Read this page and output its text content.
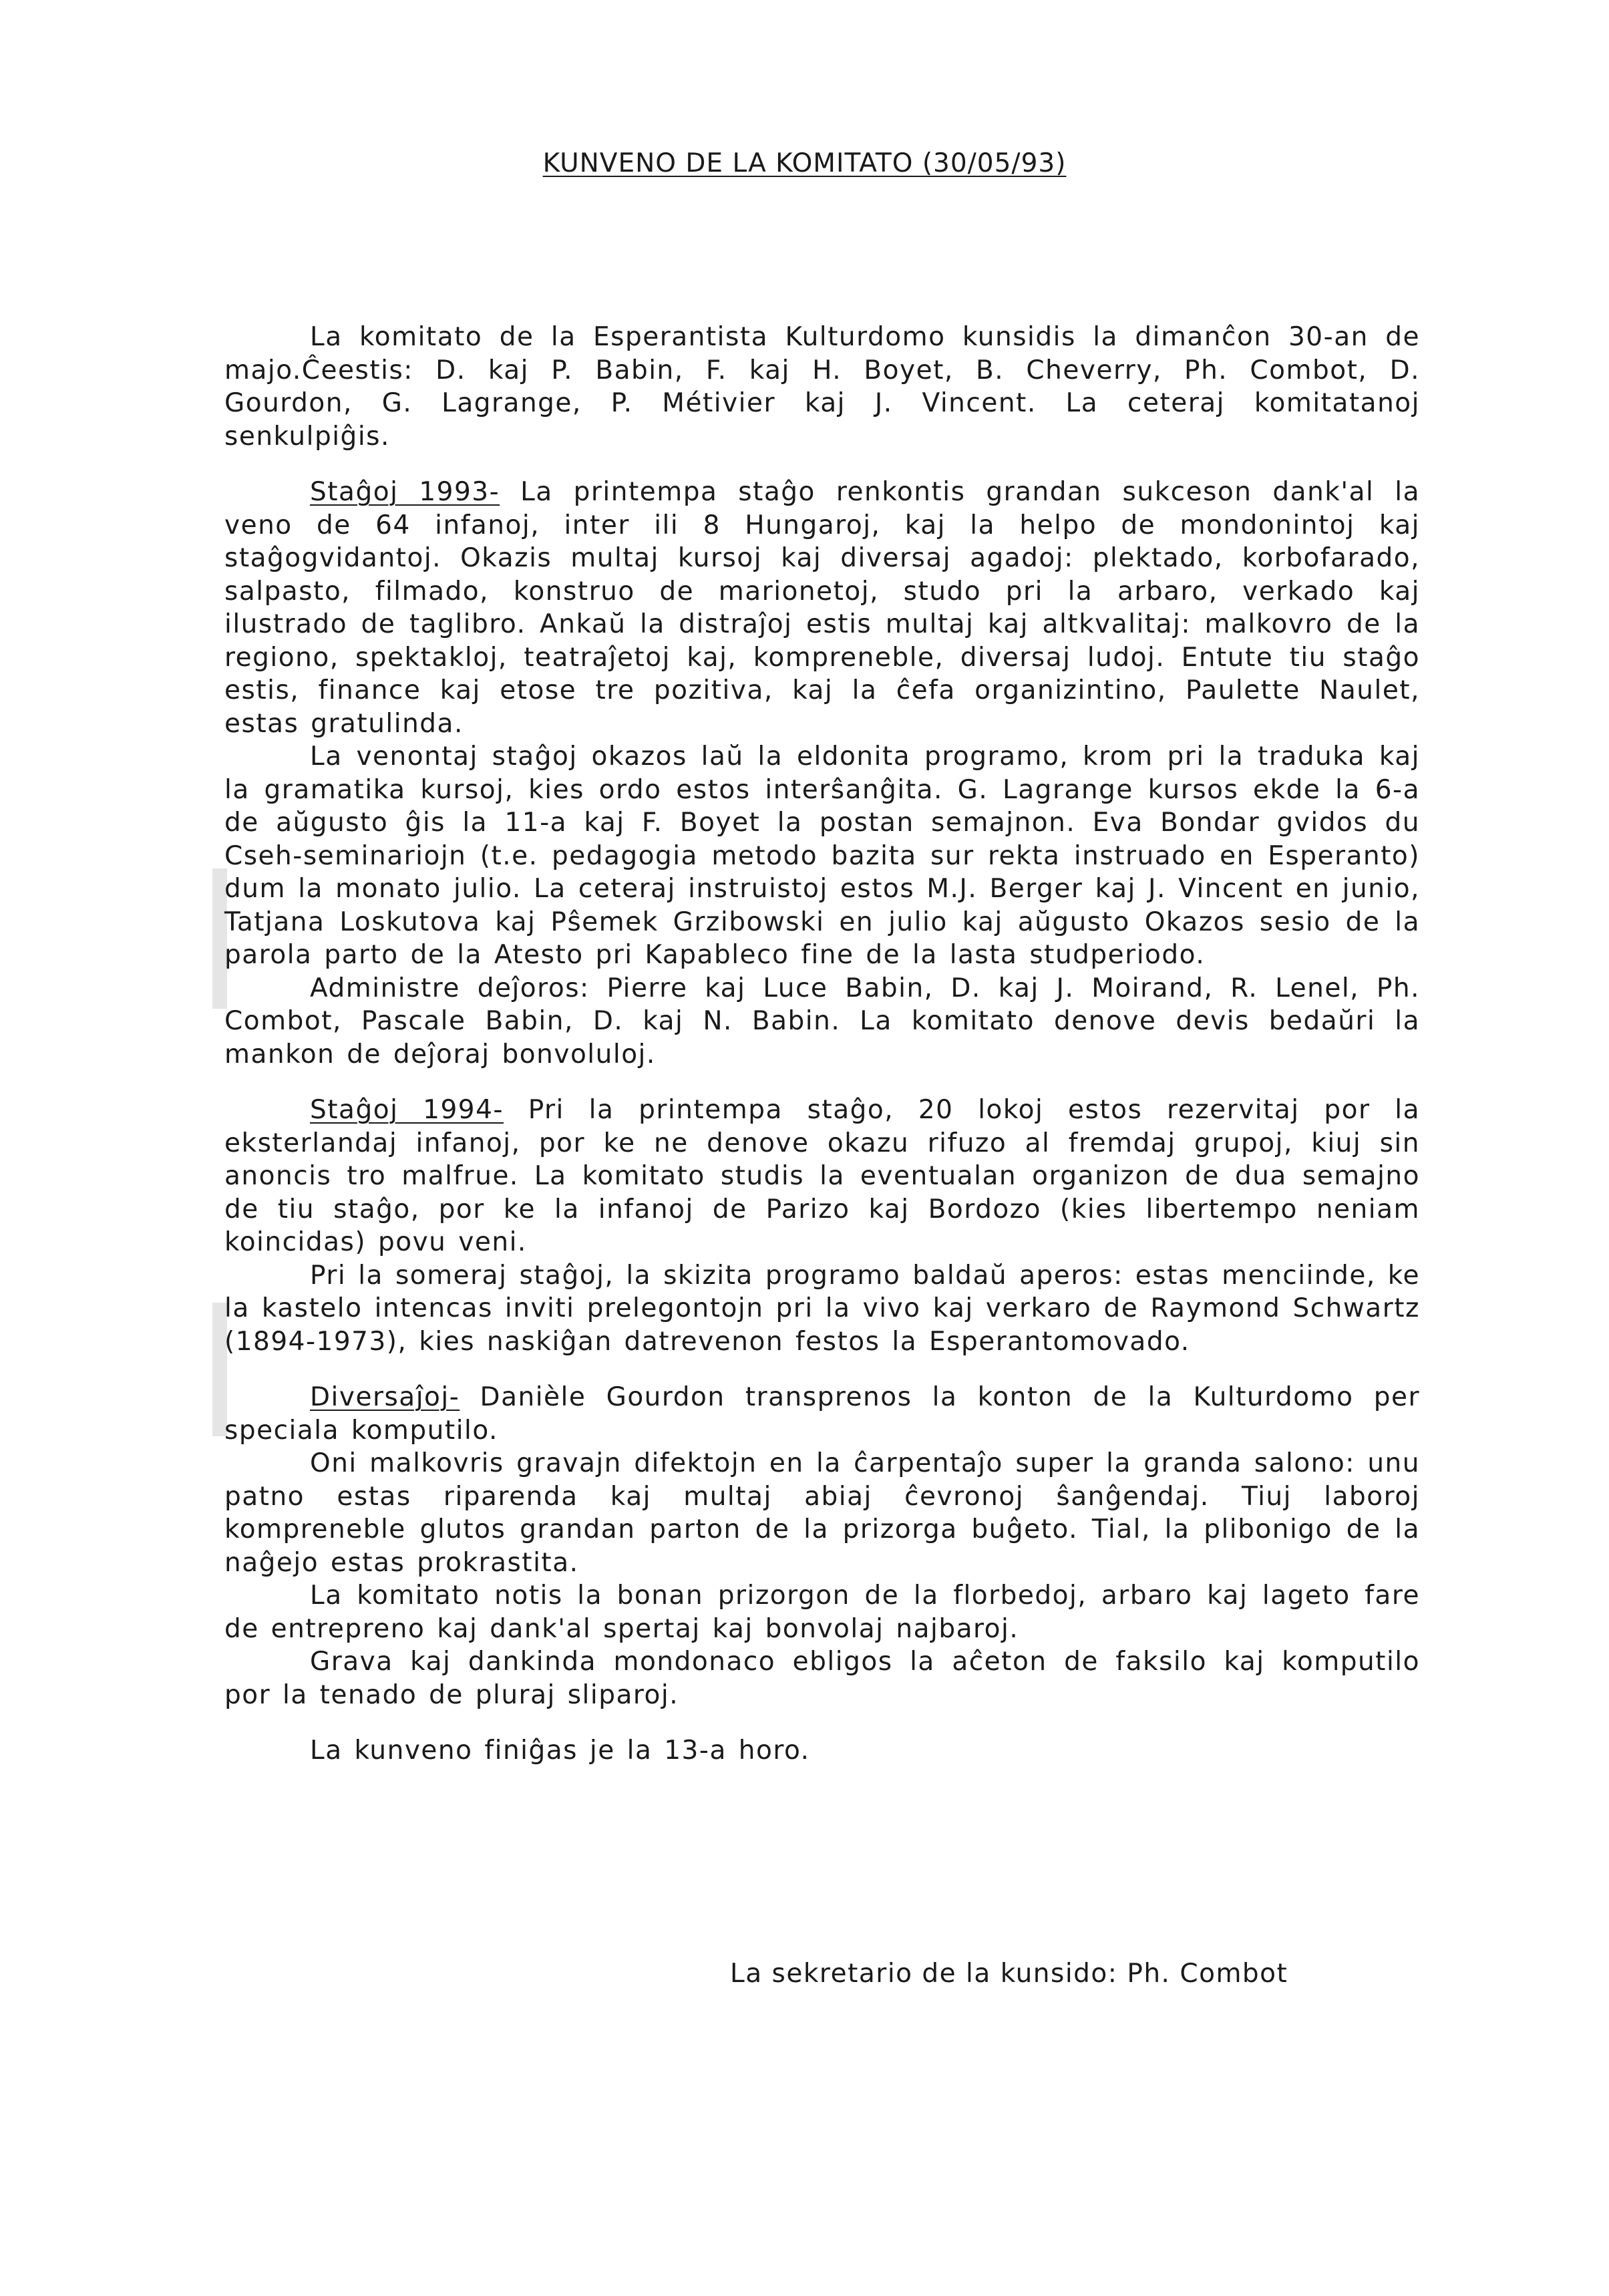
KUNVENO DE LA KOMITATO (30/05/93)

La komitato de la Esperantista Kulturdomo kunsidis la dimanĉon 30-an de majo.Ĉeestis: D. kaj P. Babin, F. kaj H. Boyet, B. Cheverry, Ph. Combot, D. Gourdon, G. Lagrange, P. Métivier kaj J. Vincent. La ceteraj komitatanoj senkulpiĝis.

Staĝoj 1993- La printempa staĝo renkontis grandan sukceson dank'al la veno de 64 infanoj, inter ili 8 Hungaroj, kaj la helpo de mondonintoj kaj staĝogvidantoj. Okazis multaj kursoj kaj diversaj agadoj: plektado, korbofarado, salpasto, filmado, konstruo de marionetoj, studo pri la arbaro, verkado kaj ilustrado de taglibro. Ankaŭ la distraĵoj estis multaj kaj altkvalitaj: malkovro de la regiono, spektakloj, teatraĵetoj kaj, kompreneble, diversaj ludoj. Entute tiu staĝo estis, finance kaj etose tre pozitiva, kaj la ĉefa organizintino, Paulette Naulet, estas gratulinda.

La venontaj staĝoj okazos laŭ la eldonita programo, krom pri la traduka kaj la gramatika kursoj, kies ordo estos interŝanĝita. G. Lagrange kursos ekde la 6-a de aŭgusto ĝis la 11-a kaj F. Boyet la postan semajnon. Eva Bondar gvidos du Cseh-seminariojn (t.e. pedagogia metodo bazita sur rekta instruado en Esperanto) dum la monato julio. La ceteraj instruistoj estos M.J. Berger kaj J. Vincent en junio, Tatjana Loskutova kaj Pŝemek Grzibowski en julio kaj aŭgusto Okazos sesio de la parola parto de la Atesto pri Kapableco fine de la lasta studperiodo.

Administre deĵoros: Pierre kaj Luce Babin, D. kaj J. Moirand, R. Lenel, Ph. Combot, Pascale Babin, D. kaj N. Babin. La komitato denove devis bedaŭri la mankon de deĵoraj bonvoluloj.

Staĝoj 1994- Pri la printempa staĝo, 20 lokoj estos rezervitaj por la eksterlandaj infanoj, por ke ne denove okazu rifuzo al fremdaj grupoj, kiuj sin anoncis tro malfrue. La komitato studis la eventualan organizon de dua semajno de tiu staĝo, por ke la infanoj de Parizo kaj Bordozo (kies libertempo neniam koincidas) povu veni.

Pri la someraj staĝoj, la skizita programo baldaŭ aperos: estas menciinde, ke la kastelo intencas inviti prelegontojn pri la vivo kaj verkaro de Raymond Schwartz (1894-1973), kies naskiĝan datrevenon festos la Esperantomovado.

Diversaĵoj- Danièle Gourdon transprenos la konton de la Kulturdomo per speciala komputilo.

Oni malkovris gravajn difektojn en la ĉarpentaĵo super la granda salono: unu patno estas riparenda kaj multaj abiaj ĉevronoj ŝanĝendaj. Tiuj laboroj kompreneble glutos grandan parton de la prizorga buĝeto. Tial, la plibonigo de la naĝejo estas prokrastita.

La komitato notis la bonan prizorgon de la florbedoj, arbaro kaj lageto fare de entrepreno kaj dank'al spertaj kaj bonvolaj najbaroj.

Grava kaj dankinda mondonaco ebligos la aĉeton de faksilo kaj komputilo por la tenado de pluraj sliparoj.

La kunveno finiĝas je la 13-a horo.

La sekretario de la kunsido: Ph. Combot
